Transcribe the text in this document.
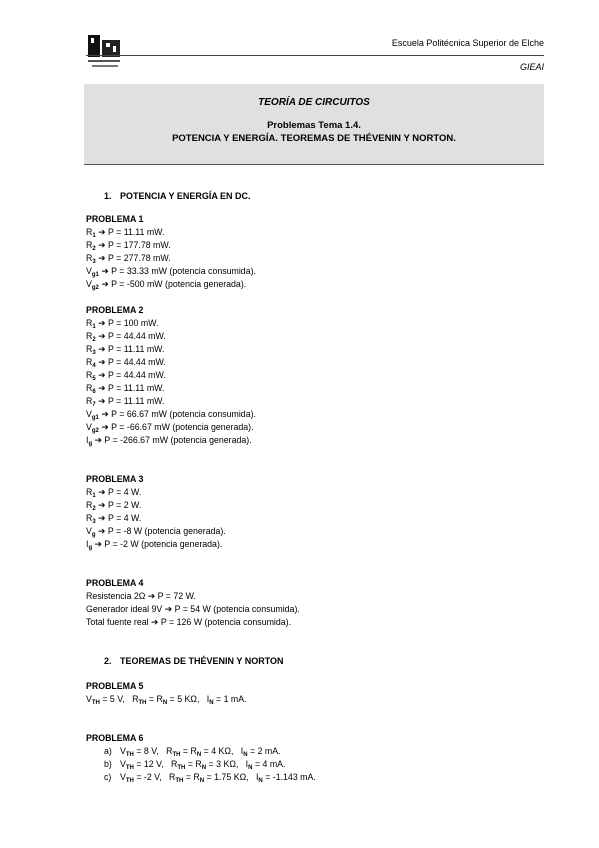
Escuela Politécnica Superior de Elche
GIEAI
TEORÍA DE CIRCUITOS
Problemas Tema 1.4.
POTENCIA Y ENERGÍA. TEOREMAS DE THÉVENIN Y NORTON.
1. POTENCIA Y ENERGÍA EN DC.
PROBLEMA 1
$R_1$ ➔ P = 11.11 mW.
$R_2$ ➔ P = 177.78 mW.
$R_3$ ➔ P = 277.78 mW.
$V_{g1}$ ➔ P = 33.33 mW (potencia consumida).
$V_{g2}$ ➔ P = -500 mW (potencia generada).
PROBLEMA 2
$R_1$ ➔ P = 100 mW.
$R_2$ ➔ P = 44.44 mW.
$R_3$ ➔ P = 11.11 mW.
$R_4$ ➔ P = 44.44 mW.
$R_5$ ➔ P = 44.44 mW.
$R_6$ ➔ P = 11.11 mW.
$R_7$ ➔ P = 11.11 mW.
$V_{g1}$ ➔ P = 66.67 mW (potencia consumida).
$V_{g2}$ ➔ P = -66.67 mW (potencia generada).
$I_g$ ➔ P = -266.67 mW (potencia generada).
PROBLEMA 3
$R_1$ ➔ P = 4 W.
$R_2$ ➔ P = 2 W.
$R_3$ ➔ P = 4 W.
$V_g$ ➔ P = -8 W (potencia generada).
$I_g$ ➔ P = -2 W (potencia generada).
PROBLEMA 4
Resistencia 2Ω ➔ P = 72 W.
Generador ideal 9V ➔ P = 54 W (potencia consumida).
Total fuente real ➔ P = 126 W (potencia consumida).
2. TEOREMAS DE THÉVENIN Y NORTON
PROBLEMA 5
$V_{TH} = 5$ V,   $R_{TH} = R_N = 5$ KΩ,   $I_N = 1$ mA.
PROBLEMA 6
a) $V_{TH} = 8$ V,   $R_{TH} = R_N = 4$ KΩ,   $I_N = 2$ mA.
b) $V_{TH} = 12$ V,   $R_{TH} = R_N = 3$ KΩ,   $I_N = 4$ mA.
c) $V_{TH} = -2$ V,   $R_{TH} = R_N = 1.75$ KΩ,   $I_N = -1.143$ mA.
